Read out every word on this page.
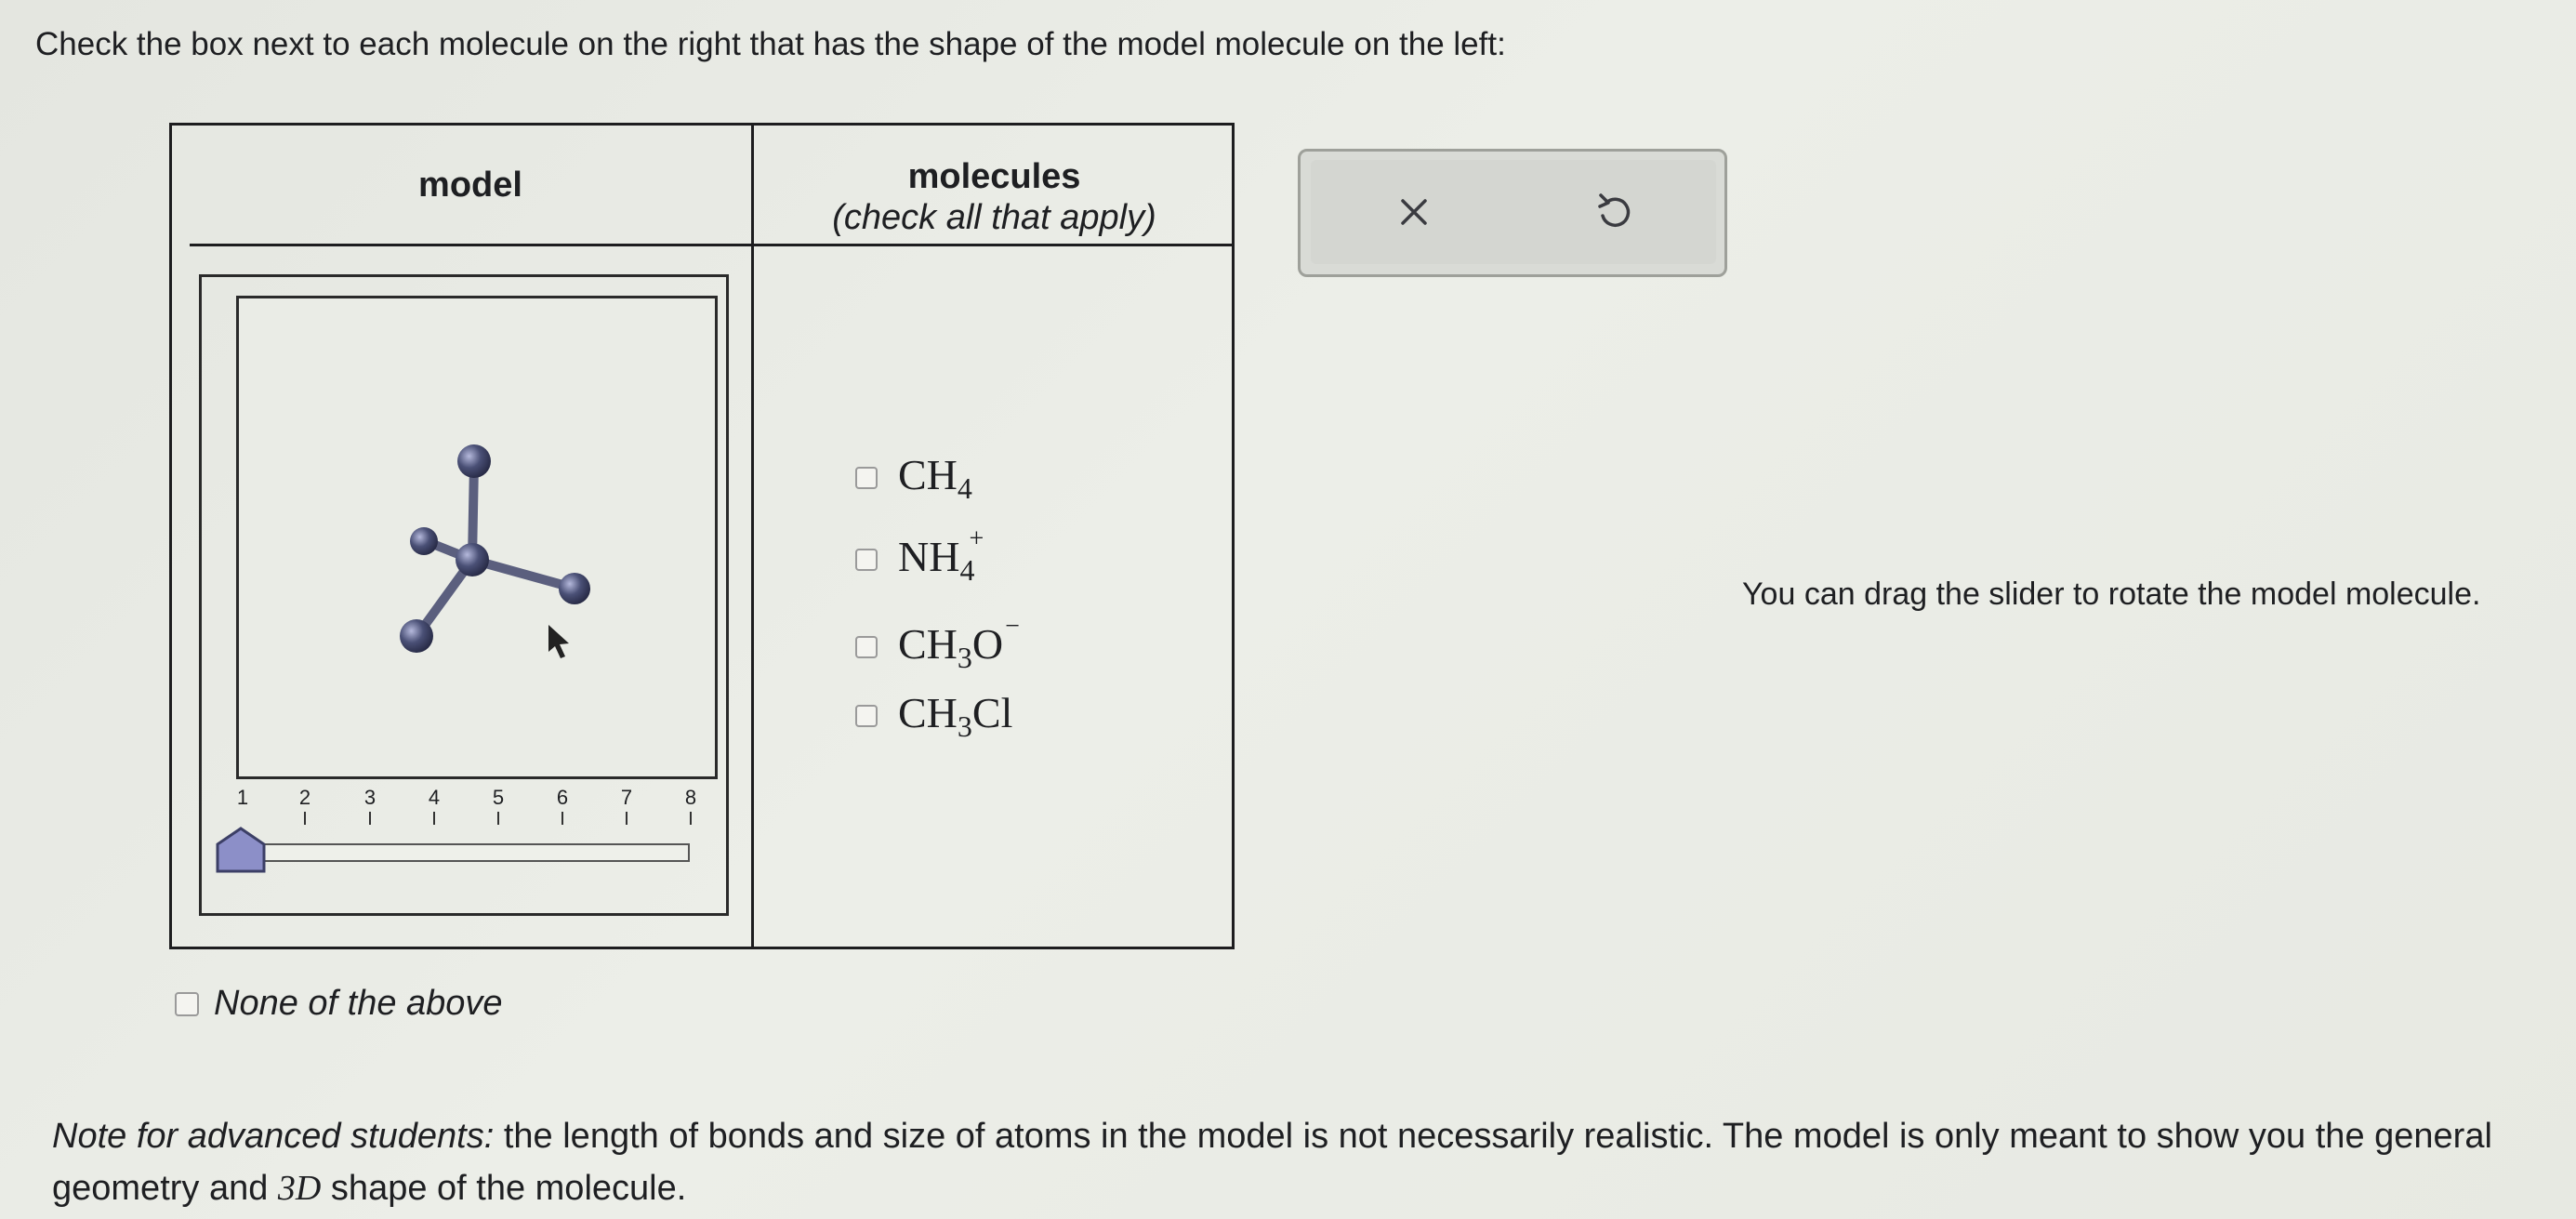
Check the box next to each molecule on the right that has the shape of the model molecule on the left:
model	molecules
(check all that apply)
1	2	3	4	5	6	7	8
$CH_4$
$NH_4^+$
$CH_3O^-$
$CH_3Cl$
You can drag the slider to rotate the model molecule.
None of the above
Note for advanced students: the length of bonds and size of atoms in the model is not necessarily realistic. The model is only meant to show you the general geometry and 3D shape of the molecule.
